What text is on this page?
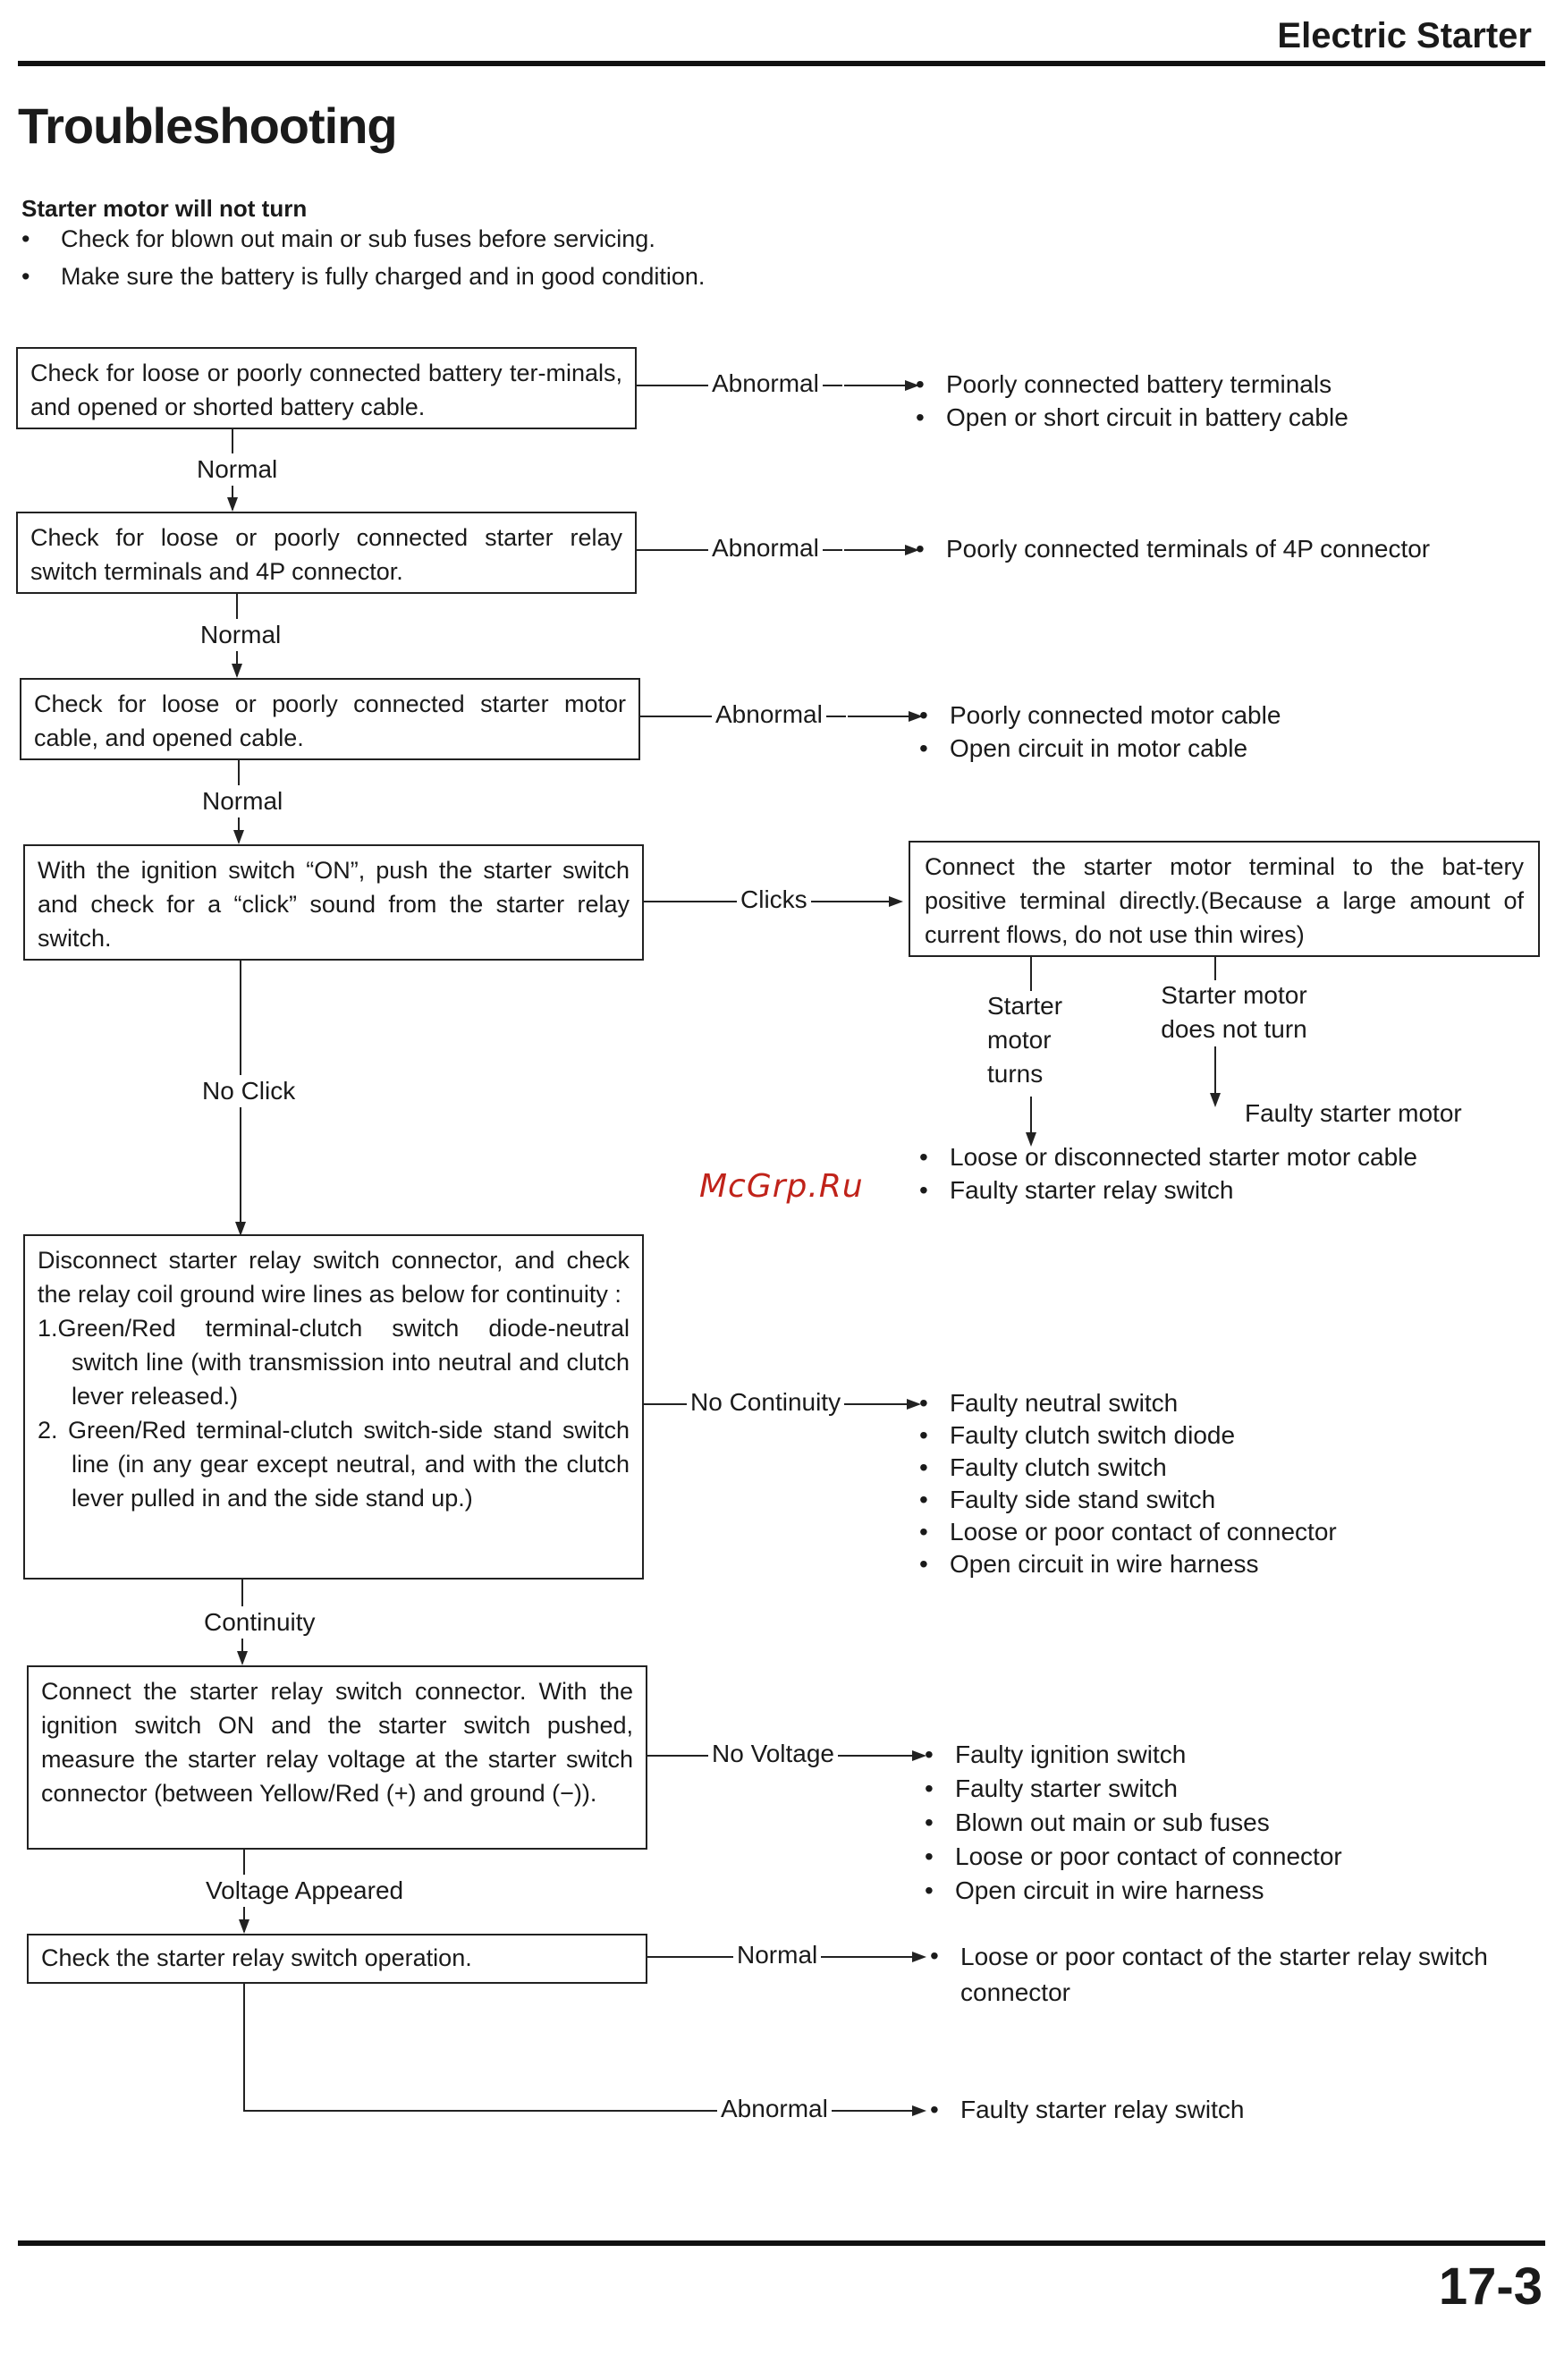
Electric Starter
Troubleshooting
Starter motor will not turn
• Check for blown out main or sub fuses before servicing.
• Make sure the battery is fully charged and in good condition.
Check for loose or poorly connected battery ter-minals, and opened or shorted battery cable.
Abnormal	• Poorly connected battery terminals
• Open or short circuit in battery cable
Normal
Check for loose or poorly connected starter relay switch terminals and 4P connector.
Abnormal	• Poorly connected terminals of 4P connector
Normal
Check for loose or poorly connected starter motor cable, and opened cable.
Abnormal	• Poorly connected motor cable
• Open circuit in motor cable
Normal
With the ignition switch “ON”, push the starter switch and check for a “click” sound from the starter relay switch.
Clicks
Connect the starter motor terminal to the bat-tery positive terminal directly.(Because a large amount of current flows, do not use thin wires)
Starter motor turns
Starter motor does not turn
Faulty starter motor
• Loose or disconnected starter motor cable
• Faulty starter relay switch
McGrp.Ru
No Click
Disconnect starter relay switch connector, and check the relay coil ground wire lines as below for continuity :
1.Green/Red terminal-clutch switch diode-neutral switch line (with transmission into neutral and clutch lever released.)
2. Green/Red terminal-clutch switch-side stand switch line (in any gear except neutral, and with the clutch lever pulled in and the side stand up.)
No Continuity	• Faulty neutral switch
• Faulty clutch switch diode
• Faulty clutch switch
• Faulty side stand switch
• Loose or poor contact of connector
• Open circuit in wire harness
Continuity
Connect the starter relay switch connector. With the ignition switch ON and the starter switch pushed, measure the starter relay voltage at the starter switch connector (between Yellow/Red (+) and ground (−)).
No Voltage	• Faulty ignition switch
• Faulty starter switch
• Blown out main or sub fuses
• Loose or poor contact of connector
• Open circuit in wire harness
Voltage Appeared
Check the starter relay switch operation.	Normal	• Loose or poor contact of the starter relay switch connector
Abnormal	• Faulty starter relay switch
17-3
